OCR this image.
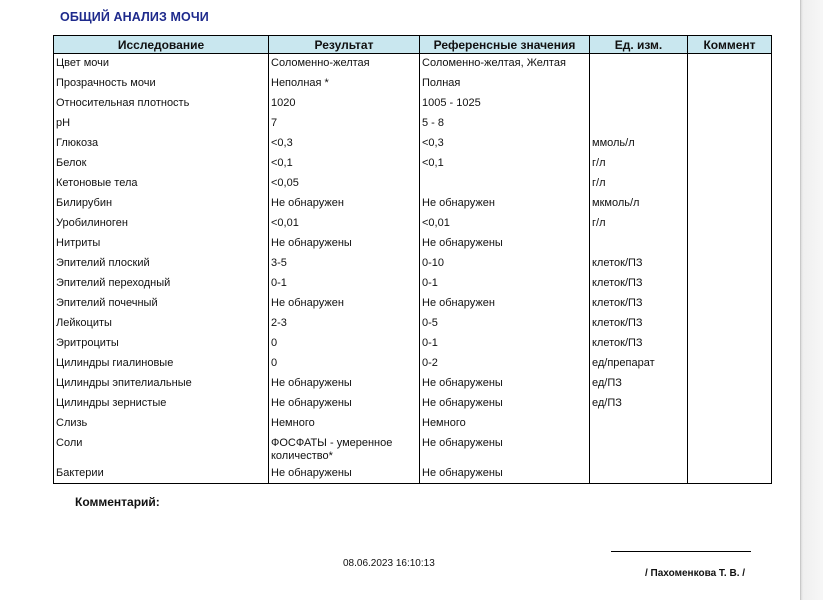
ОБЩИЙ АНАЛИЗ МОЧИ
Исследование	Результат	Референсные значения	Ед. изм.	Коммент
Цвет мочи	Соломенно-желтая	Соломенно-желтая, Желтая		
Прозрачность мочи	Неполная *	Полная		
Относительная плотность	1020	1005 - 1025		
pH	7	5 - 8		
Глюкоза	<0,3	<0,3	ммоль/л	
Белок	<0,1	<0,1	г/л	
Кетоновые тела	<0,05		г/л	
Билирубин	Не обнаружен	Не обнаружен	мкмоль/л	
Уробилиноген	<0,01	<0,01	г/л	
Нитриты	Не обнаружены	Не обнаружены		
Эпителий плоский	3-5	0-10	клеток/ПЗ	
Эпителий переходный	0-1	0-1	клеток/ПЗ	
Эпителий почечный	Не обнаружен	Не обнаружен	клеток/ПЗ	
Лейкоциты	2-3	0-5	клеток/ПЗ	
Эритроциты	0	0-1	клеток/ПЗ	
Цилиндры гиалиновые	0	0-2	ед/препарат	
Цилиндры эпителиальные	Не обнаружены	Не обнаружены	ед/ПЗ	
Цилиндры зернистые	Не обнаружены	Не обнаружены	ед/ПЗ	
Слизь	Немного	Немного		
Соли	ФОСФАТЫ - умеренное количество*	Не обнаружены		
Бактерии	Не обнаружены	Не обнаружены		
Комментарий:
08.06.2023 16:10:13
/ Пахоменкова Т. В. /
